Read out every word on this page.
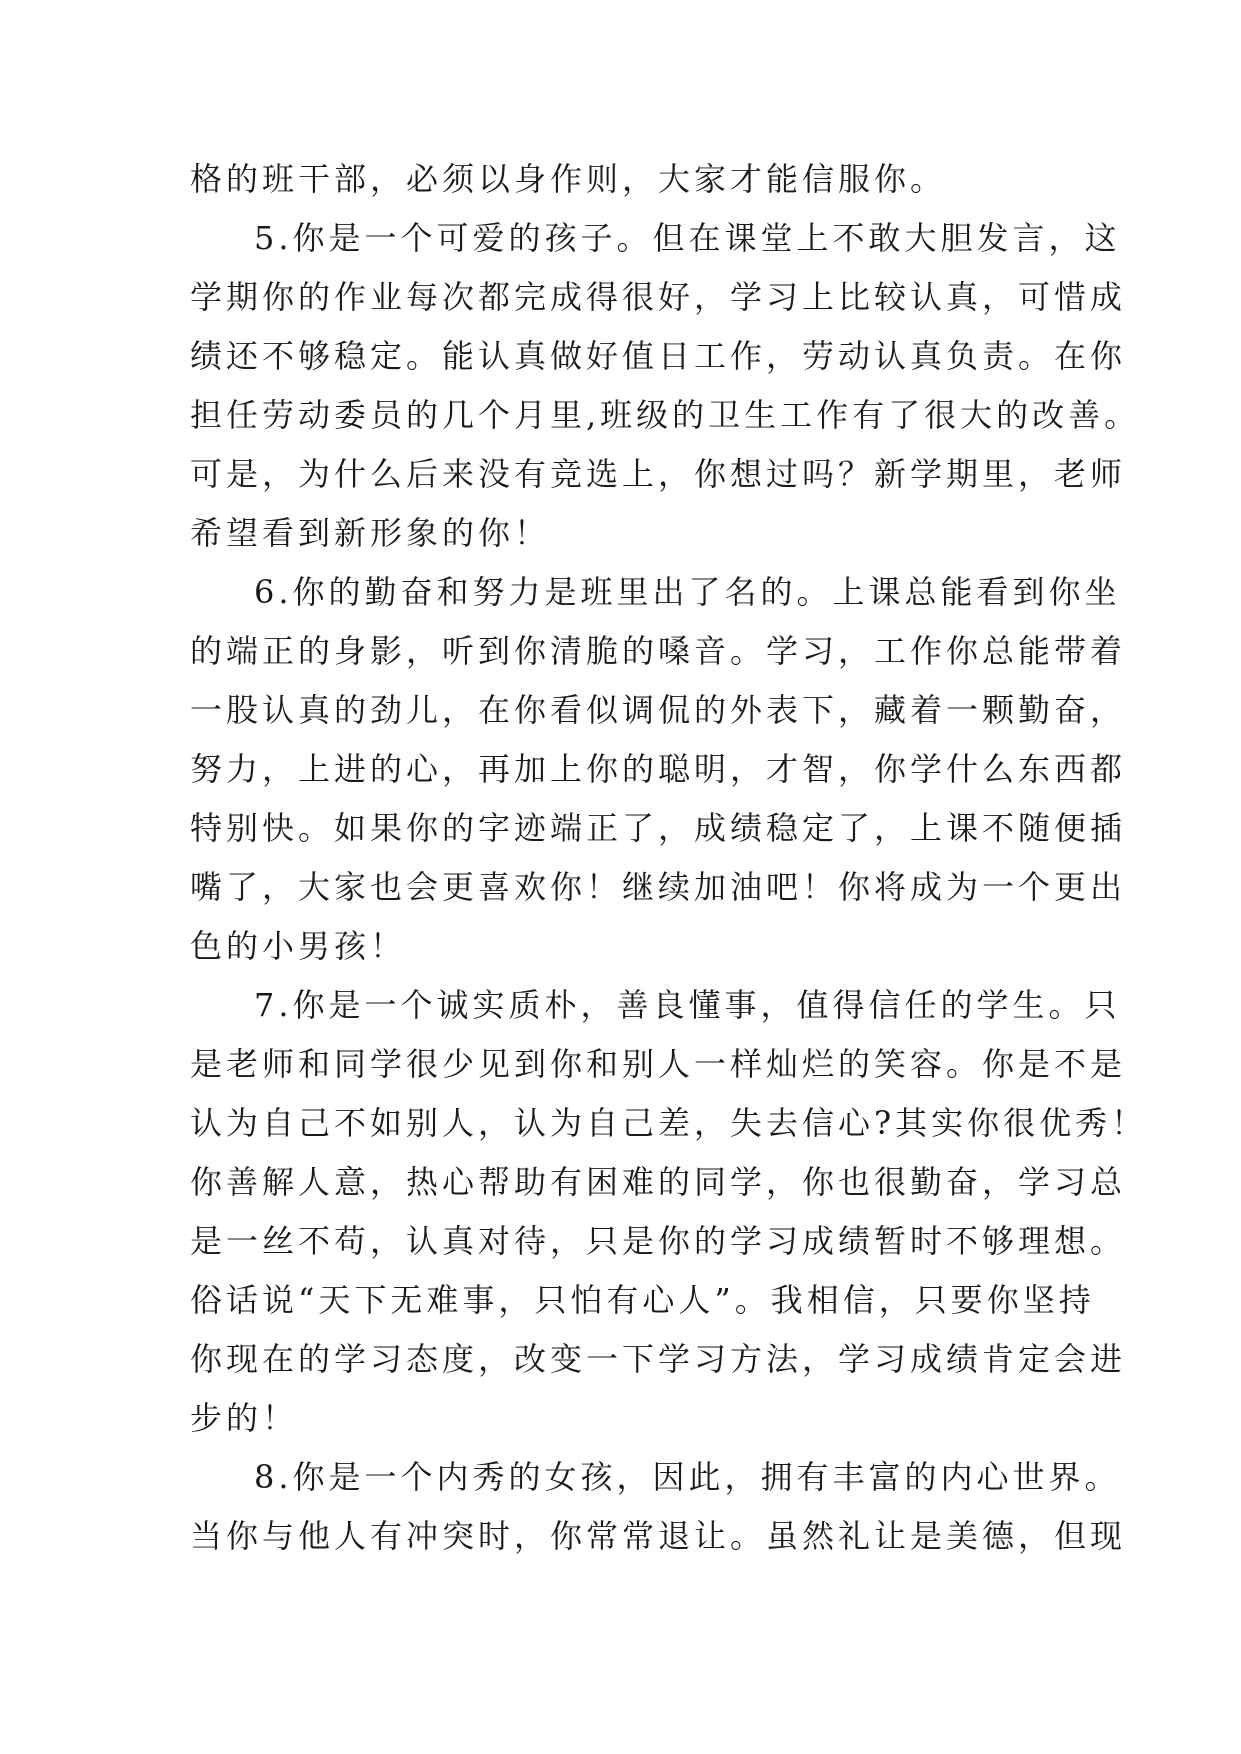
格的班干部，必须以身作则，大家才能信服你。
5.你是一个可爱的孩子。但在课堂上不敢大胆发言，这
学期你的作业每次都完成得很好，学习上比较认真，可惜成
绩还不够稳定。能认真做好值日工作，劳动认真负责。在你
担任劳动委员的几个月里,班级的卫生工作有了很大的改善。
可是，为什么后来没有竞选上，你想过吗？新学期里，老师
希望看到新形象的你！
6.你的勤奋和努力是班里出了名的。上课总能看到你坐
的端正的身影，听到你清脆的嗓音。学习，工作你总能带着
一股认真的劲儿，在你看似调侃的外表下，藏着一颗勤奋，
努力，上进的心，再加上你的聪明，才智，你学什么东西都
特别快。如果你的字迹端正了，成绩稳定了，上课不随便插
嘴了，大家也会更喜欢你！继续加油吧！你将成为一个更出
色的小男孩！
7.你是一个诚实质朴，善良懂事，值得信任的学生。只
是老师和同学很少见到你和别人一样灿烂的笑容。你是不是
认为自己不如别人，认为自己差，失去信心?其实你很优秀！
你善解人意，热心帮助有困难的同学，你也很勤奋，学习总
是一丝不苟，认真对待，只是你的学习成绩暂时不够理想。
俗话说“天下无难事，只怕有心人”。我相信，只要你坚持
你现在的学习态度，改变一下学习方法，学习成绩肯定会进
步的！
8.你是一个内秀的女孩，因此，拥有丰富的内心世界。
当你与他人有冲突时，你常常退让。虽然礼让是美德，但现
